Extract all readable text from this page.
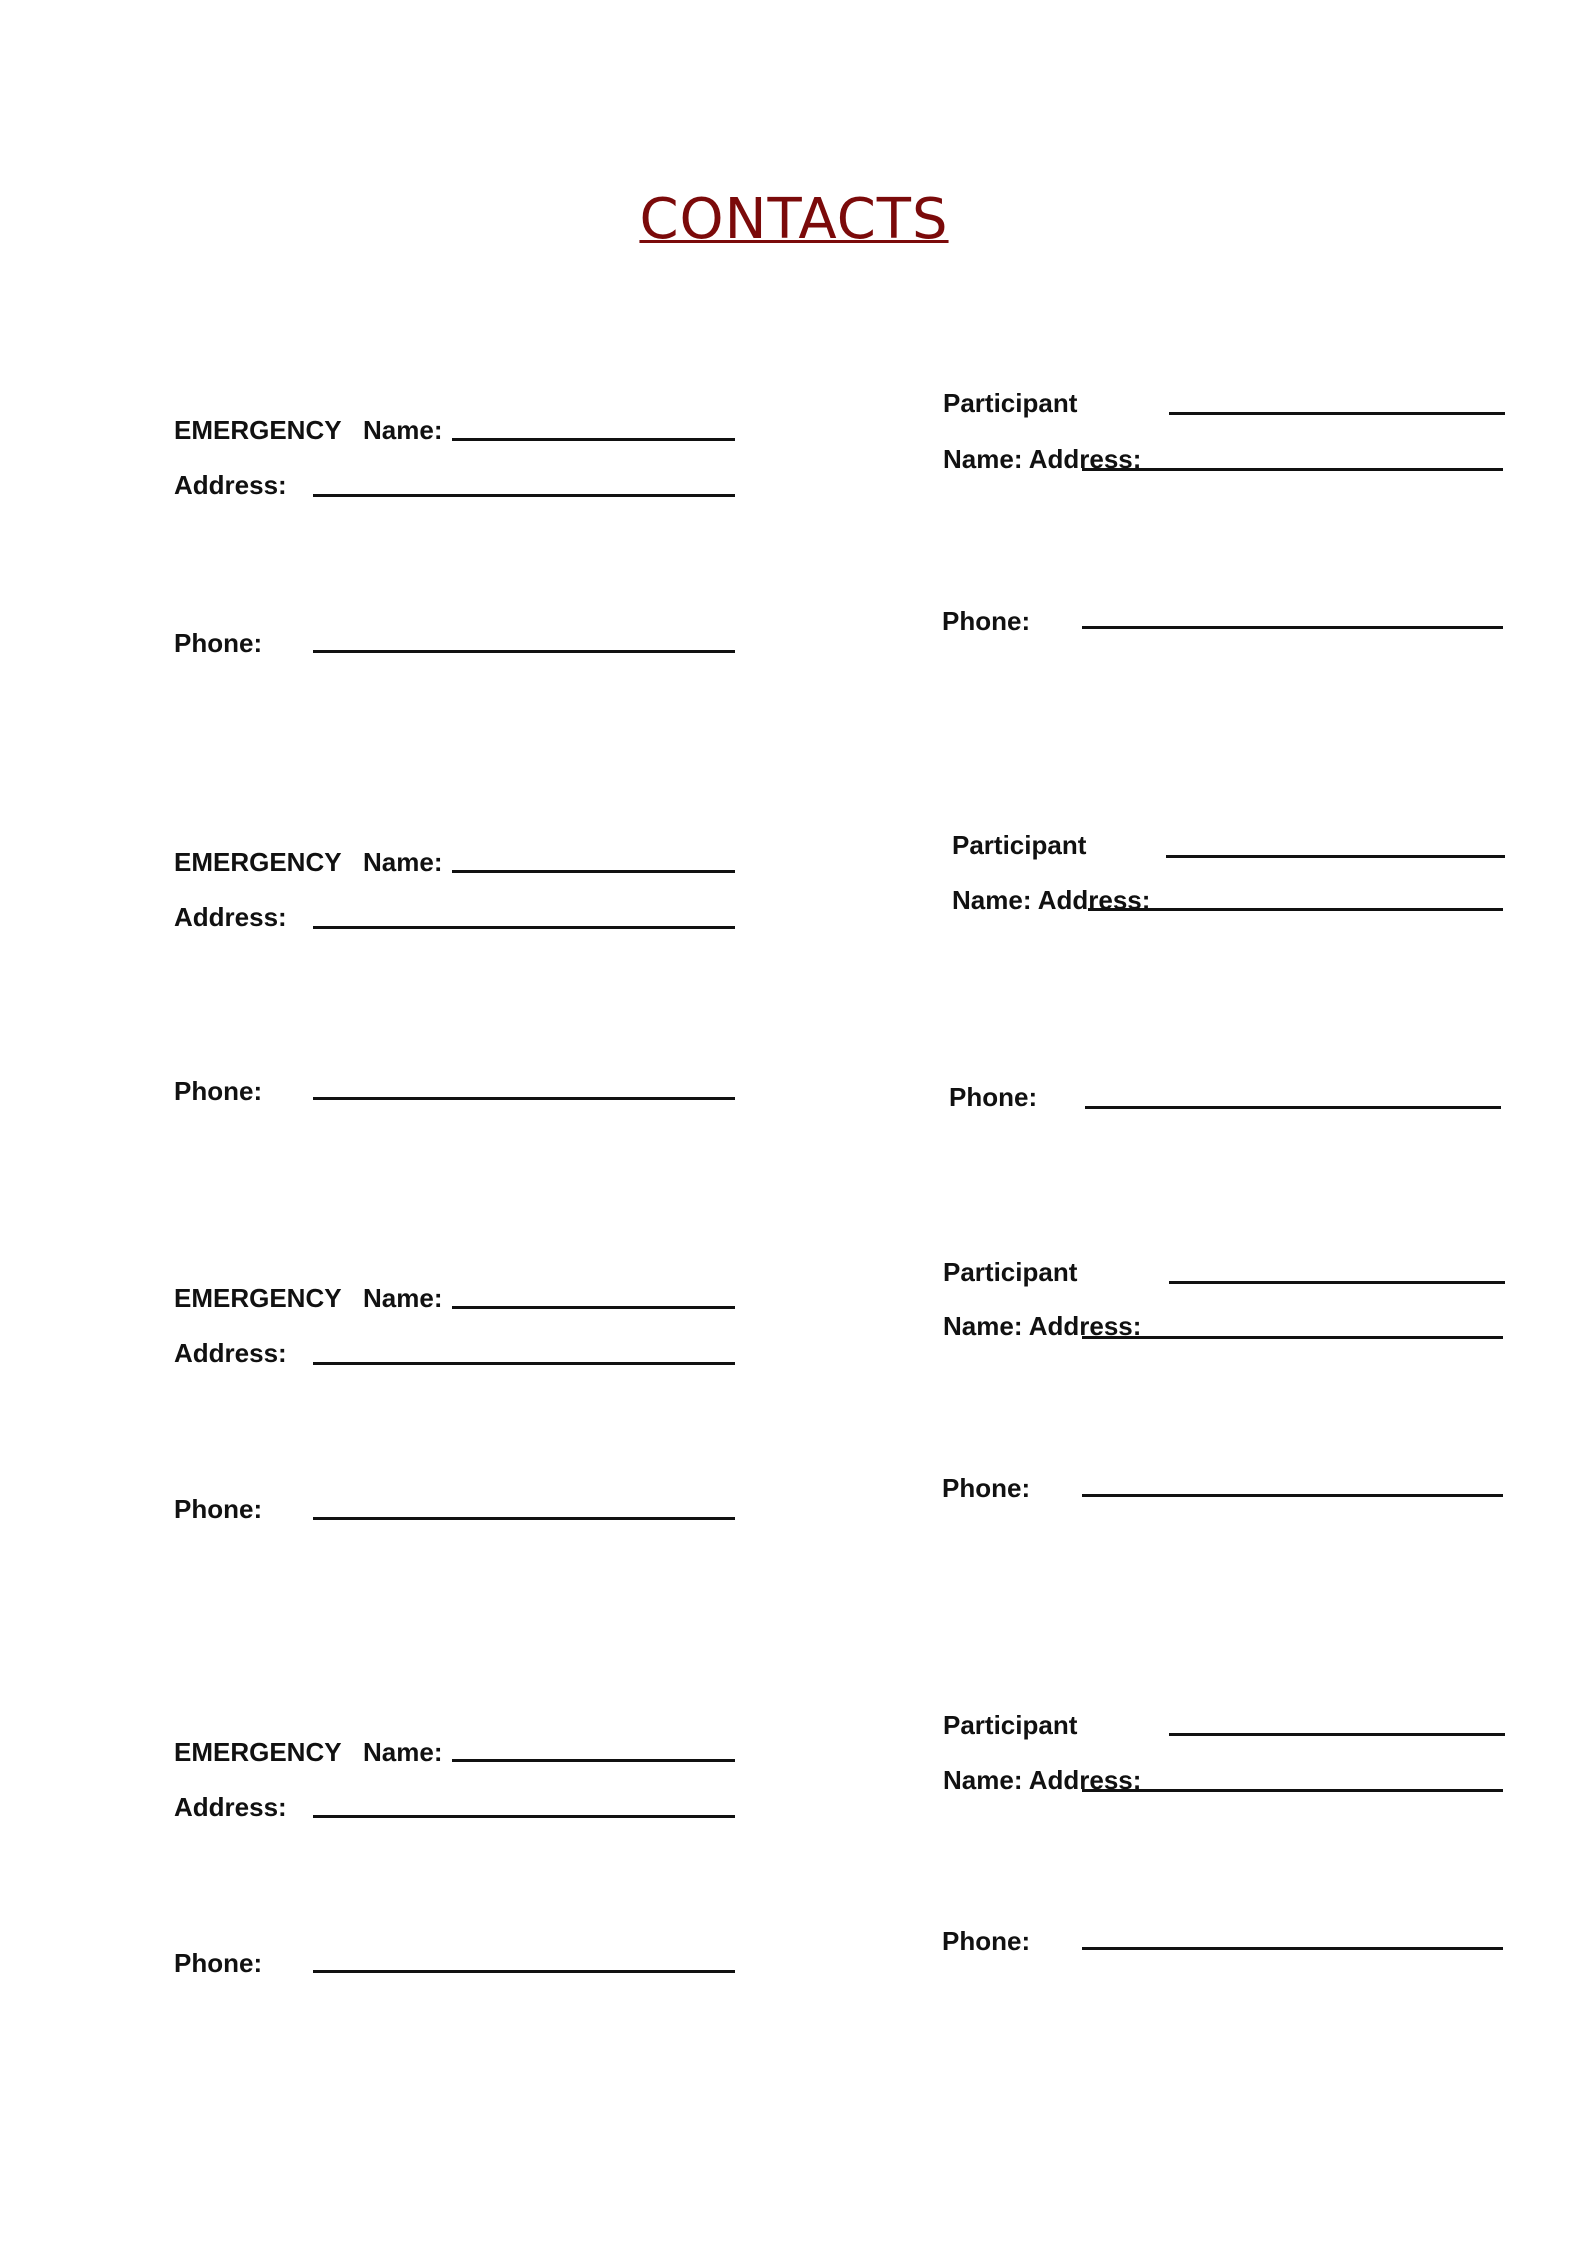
CONTACTS
EMERGENCY Name:
Address:
Phone:
Participant
Name: Address:
Phone:
EMERGENCY Name:
Address:
Phone:
Participant
Name: Address:
Phone:
EMERGENCY Name:
Address:
Phone:
Participant
Name: Address:
Phone:
EMERGENCY Name:
Address:
Phone:
Participant
Name: Address:
Phone:
